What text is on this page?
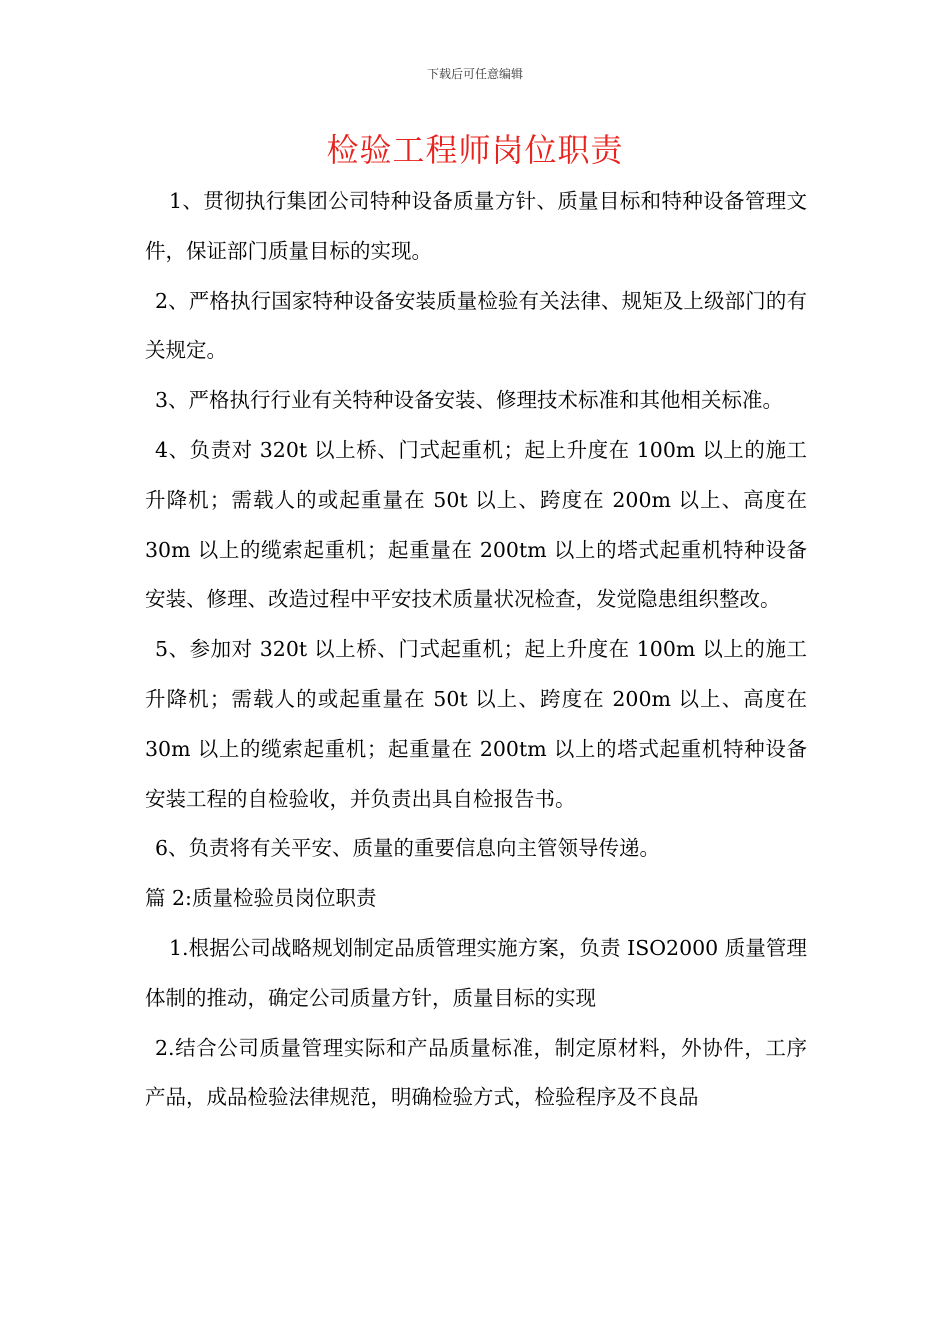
下载后可任意编辑
检验工程师岗位职责

1、贯彻执行集团公司特种设备质量方针、质量目标和特种设备管理文件，保证部门质量目标的实现。

2、严格执行国家特种设备安装质量检验有关法律、规矩及上级部门的有关规定。

3、严格执行行业有关特种设备安装、修理技术标准和其他相关标准。

4、负责对 320t 以上桥、门式起重机；起上升度在 100m 以上的施工升降机；需载人的或起重量在 50t 以上、跨度在 200m 以上、高度在 30m 以上的缆索起重机；起重量在 200tm 以上的塔式起重机特种设备安装、修理、改造过程中平安技术质量状况检查，发觉隐患组织整改。

5、参加对 320t 以上桥、门式起重机；起上升度在 100m 以上的施工升降机；需载人的或起重量在 50t 以上、跨度在 200m 以上、高度在 30m 以上的缆索起重机；起重量在 200tm 以上的塔式起重机特种设备安装工程的自检验收，并负责出具自检报告书。

6、负责将有关平安、质量的重要信息向主管领导传递。

篇 2:质量检验员岗位职责

1.根据公司战略规划制定品质管理实施方案，负责 ISO2000 质量管理体制的推动，确定公司质量方针，质量目标的实现

2.结合公司质量管理实际和产品质量标准，制定原材料，外协件，工序产品，成品检验法律规范，明确检验方式，检验程序及不良品
